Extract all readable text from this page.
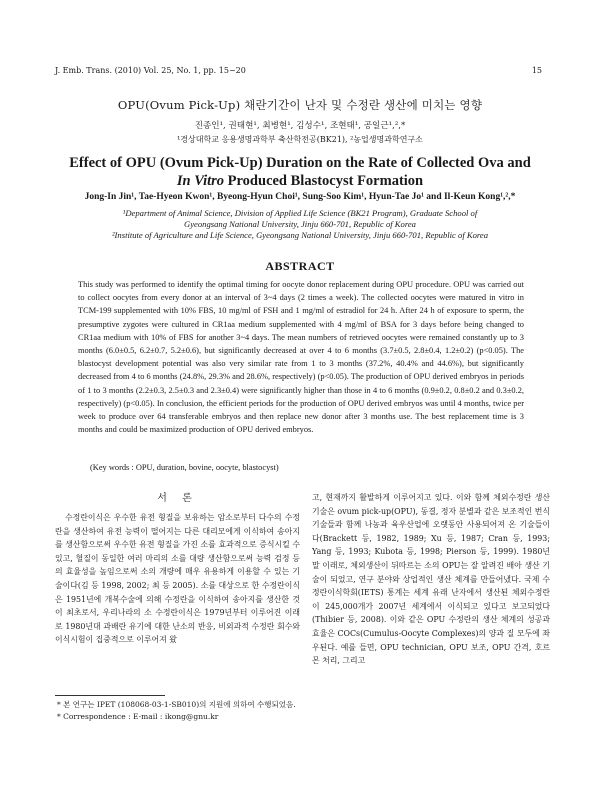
J. Emb. Trans. (2010) Vol. 25, No. 1, pp. 15~20	15
OPU(Ovum Pick-Up) 채란기간이 난자 및 수정란 생산에 미치는 영향
진종인¹, 권태현¹, 최병현¹, 김성수¹, 조현태¹, 공일근¹,²,*
¹경상대학교 응용생명과학부 축산학전공(BK21), ²농업생명과학연구소
Effect of OPU (Ovum Pick-Up) Duration on the Rate of Collected Ova and
In Vitro Produced Blastocyst Formation
Jong-In Jin¹, Tae-Hyeon Kwon¹, Byeong-Hyun Choi¹, Sung-Soo Kim¹, Hyun-Tae Jo¹ and Il-Keun Kong¹,²,*
¹Department of Animal Science, Division of Applied Life Science (BK21 Program), Graduate School of
Gyeongsang National University, Jinju 660-701, Republic of Korea
²Institute of Agriculture and Life Science, Gyeongsang National University, Jinju 660-701, Republic of Korea
ABSTRACT

This study was performed to identify the optimal timing for oocyte donor replacement during OPU procedure. OPU was carried out to collect oocytes from every donor at an interval of 3~4 days (2 times a week). The collected oocytes were matured in vitro in TCM-199 supplemented with 10% FBS, 10 mg/ml of FSH and 1 mg/ml of estradiol for 24 h. After 24 h of exposure to sperm, the presumptive zygotes were cultured in CR1aa medium supplemented with 4 mg/ml of BSA for 3 days before being changed to CR1aa medium with 10% of FBS for another 3~4 days. The mean numbers of retrieved oocytes were remained constantly up to 3 months (6.0±0.5, 6.2±0.7, 5.2±0.6), but significantly decreased at over 4 to 6 months (3.7±0.5, 2.8±0.4, 1.2±0.2) (p<0.05). The blastocyst development potential was also very similar rate from 1 to 3 months (37.2%, 40.4% and 44.6%), but significantly decreased from 4 to 6 months (24.8%, 29.3% and 28.6%, respectively) (p<0.05). The production of OPU derived embryos in periods of 1 to 3 months (2.2±0.3, 2.5±0.3 and 2.3±0.4) were significantly higher than those in 4 to 6 months (0.9±0.2, 0.8±0.2 and 0.3±0.2, respectively) (p<0.05). In conclusion, the efficient periods for the production of OPU derived embryos was until 4 months, twice per week to produce over 64 transferable embryos and then replace new donor after 3 months use. The best replacement time is 3 months and could be maximized production of OPU derived embryos.

(Key words : OPU, duration, bovine, oocyte, blastocyst)
서 론

수정란이식은 우수한 유전 형질을 보유하는 암소로부터 다수의 수정란을 생산하여 유전 능력이 떨어지는 다른 대리모에게 이식하여 송아지를 생산함으로써 우수한 유전 형질을 가진 소를 효과적으로 증식시킬 수 있고, 혈질이 동일한 여러 마리의 소를 대량 생산함으로써 능력 검정 등의 효율성을 높임으로써 소의 개량에 매우 유용하게 이용할 수 있는 기술이다(김 등 1998, 2002; 최 등 2005). 소를 대상으로 한 수정란이식은 1951년에 개복수술에 의해 수정란을 이식하여 송아지를 생산한 것이 최초로서, 우리나라의 소 수정란이식은 1979년부터 이루어진 이래로 1980년대 과배란 유기에 대한 난소의 반응, 비외과적 수정란 회수와 이식시험이 집중적으로 이루어져 왔

고, 현재까지 활발하게 이루어지고 있다. 이와 함께 체외수정란 생산 기술은 ovum pick-up(OPU), 동결, 정자 분별과 같은 보조적인 번식 기술들과 함께 나농과 육우산업에 오랫동안 사용되어져 온 기술들이다(Brackett 등, 1982, 1989; Xu 등, 1987; Cran 등, 1993; Yang 등, 1993; Kubota 등, 1998; Pierson 등, 1999). 1980년 말 이래로, 체외생산이 뒤따르는 소의 OPU는 잘 알려진 배아 생산 기술이 되었고, 연구 분야와 상업적인 생산 체계를 만들어냈다. 국제 수정란이식학회(IETS) 통계는 세계 유래 난자에서 생산된 체외수정란이 245,000개가 2007년 세계에서 이식되고 있다고 보고되었다(Thibier 등, 2008). 이와 같은 OPU 수정란의 생산 체계의 성공과 효율은 COCs(Cumulus-Oocyte Complexes)의 양과 질 모두에 좌우된다. 예를 들면, OPU technician, OPU 보조, OPU 간격, 호르몬 처리, 그리고

* 본 연구는 IPET (108068-03-1-SB010)의 지원에 의하여 수행되었음.
* Correspondence : E-mail : ikong@gnu.kr
